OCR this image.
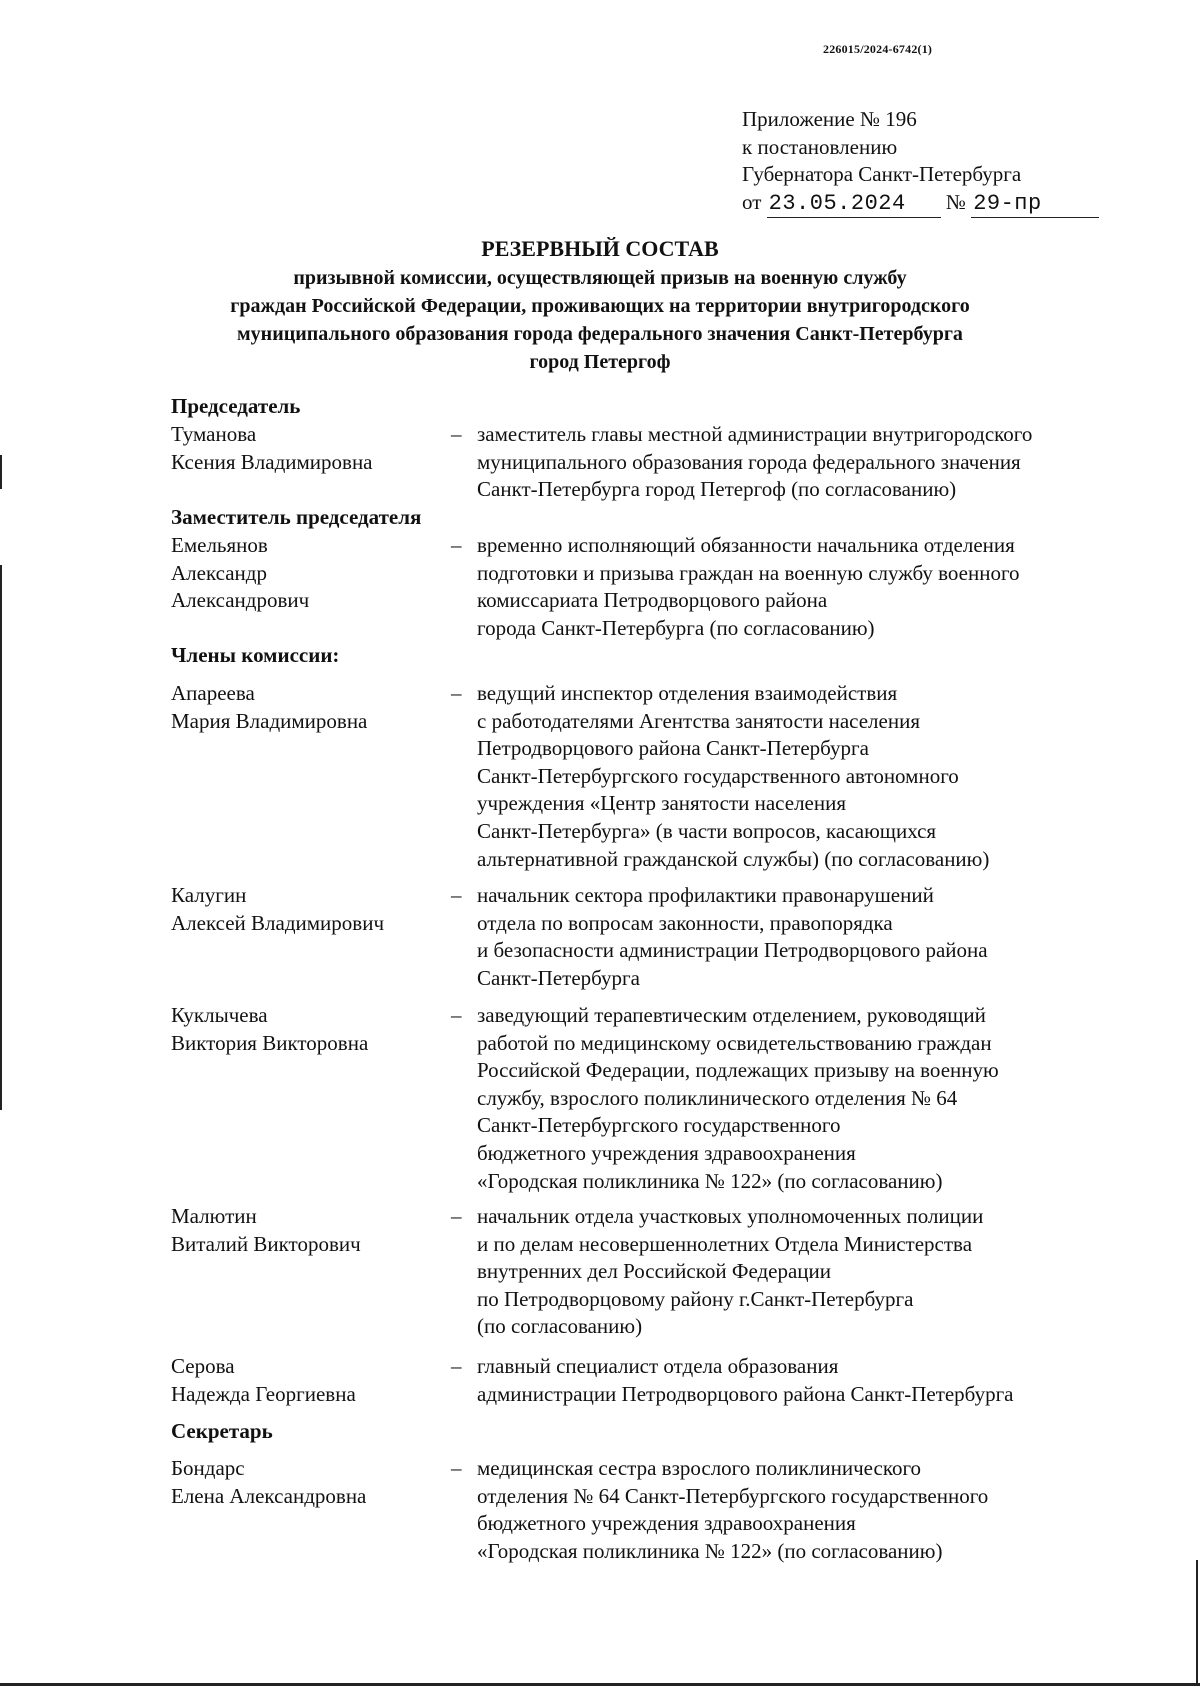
226015/2024-6742(1)
Приложение № 196
к постановлению
Губернатора Санкт-Петербурга
от 23.05.2024 № 29-пр
РЕЗЕРВНЫЙ СОСТАВ
призывной комиссии, осуществляющей призыв на военную службу
граждан Российской Федерации, проживающих на территории внутригородского
муниципального образования города федерального значения Санкт-Петербурга
город Петергоф
Председатель
Туманова
Ксения Владимировна
– заместитель главы местной администрации внутригородского
муниципального образования города федерального значения
Санкт-Петербурга город Петергоф (по согласованию)
Заместитель председателя
Емельянов
Александр
Александрович
– временно исполняющий обязанности начальника отделения
подготовки и призыва граждан на военную службу военного
комиссариата Петродворцового района
города Санкт-Петербурга (по согласованию)
Члены комиссии:
Апареева
Мария Владимировна
– ведущий инспектор отделения взаимодействия
с работодателями Агентства занятости населения
Петродворцового района Санкт-Петербурга
Санкт-Петербургского государственного автономного
учреждения «Центр занятости населения
Санкт-Петербурга» (в части вопросов, касающихся
альтернативной гражданской службы) (по согласованию)
Калугин
Алексей Владимирович
– начальник сектора профилактики правонарушений
отдела по вопросам законности, правопорядка
и безопасности администрации Петродворцового района
Санкт-Петербурга
Куклычева
Виктория Викторовна
– заведующий терапевтическим отделением, руководящий
работой по медицинскому освидетельствованию граждан
Российской Федерации, подлежащих призыву на военную
службу, взрослого поликлинического отделения № 64
Санкт-Петербургского государственного
бюджетного учреждения здравоохранения
«Городская поликлиника № 122» (по согласованию)
Малютин
Виталий Викторович
– начальник отдела участковых уполномоченных полиции
и по делам несовершеннолетних Отдела Министерства
внутренних дел Российской Федерации
по Петродворцовому району г.Санкт-Петербурга
(по согласованию)
Серова
Надежда Георгиевна
– главный специалист отдела образования
администрации Петродворцового района Санкт-Петербурга
Секретарь
Бондарс
Елена Александровна
– медицинская сестра взрослого поликлинического
отделения № 64 Санкт-Петербургского государственного
бюджетного учреждения здравоохранения
«Городская поликлиника № 122» (по согласованию)
